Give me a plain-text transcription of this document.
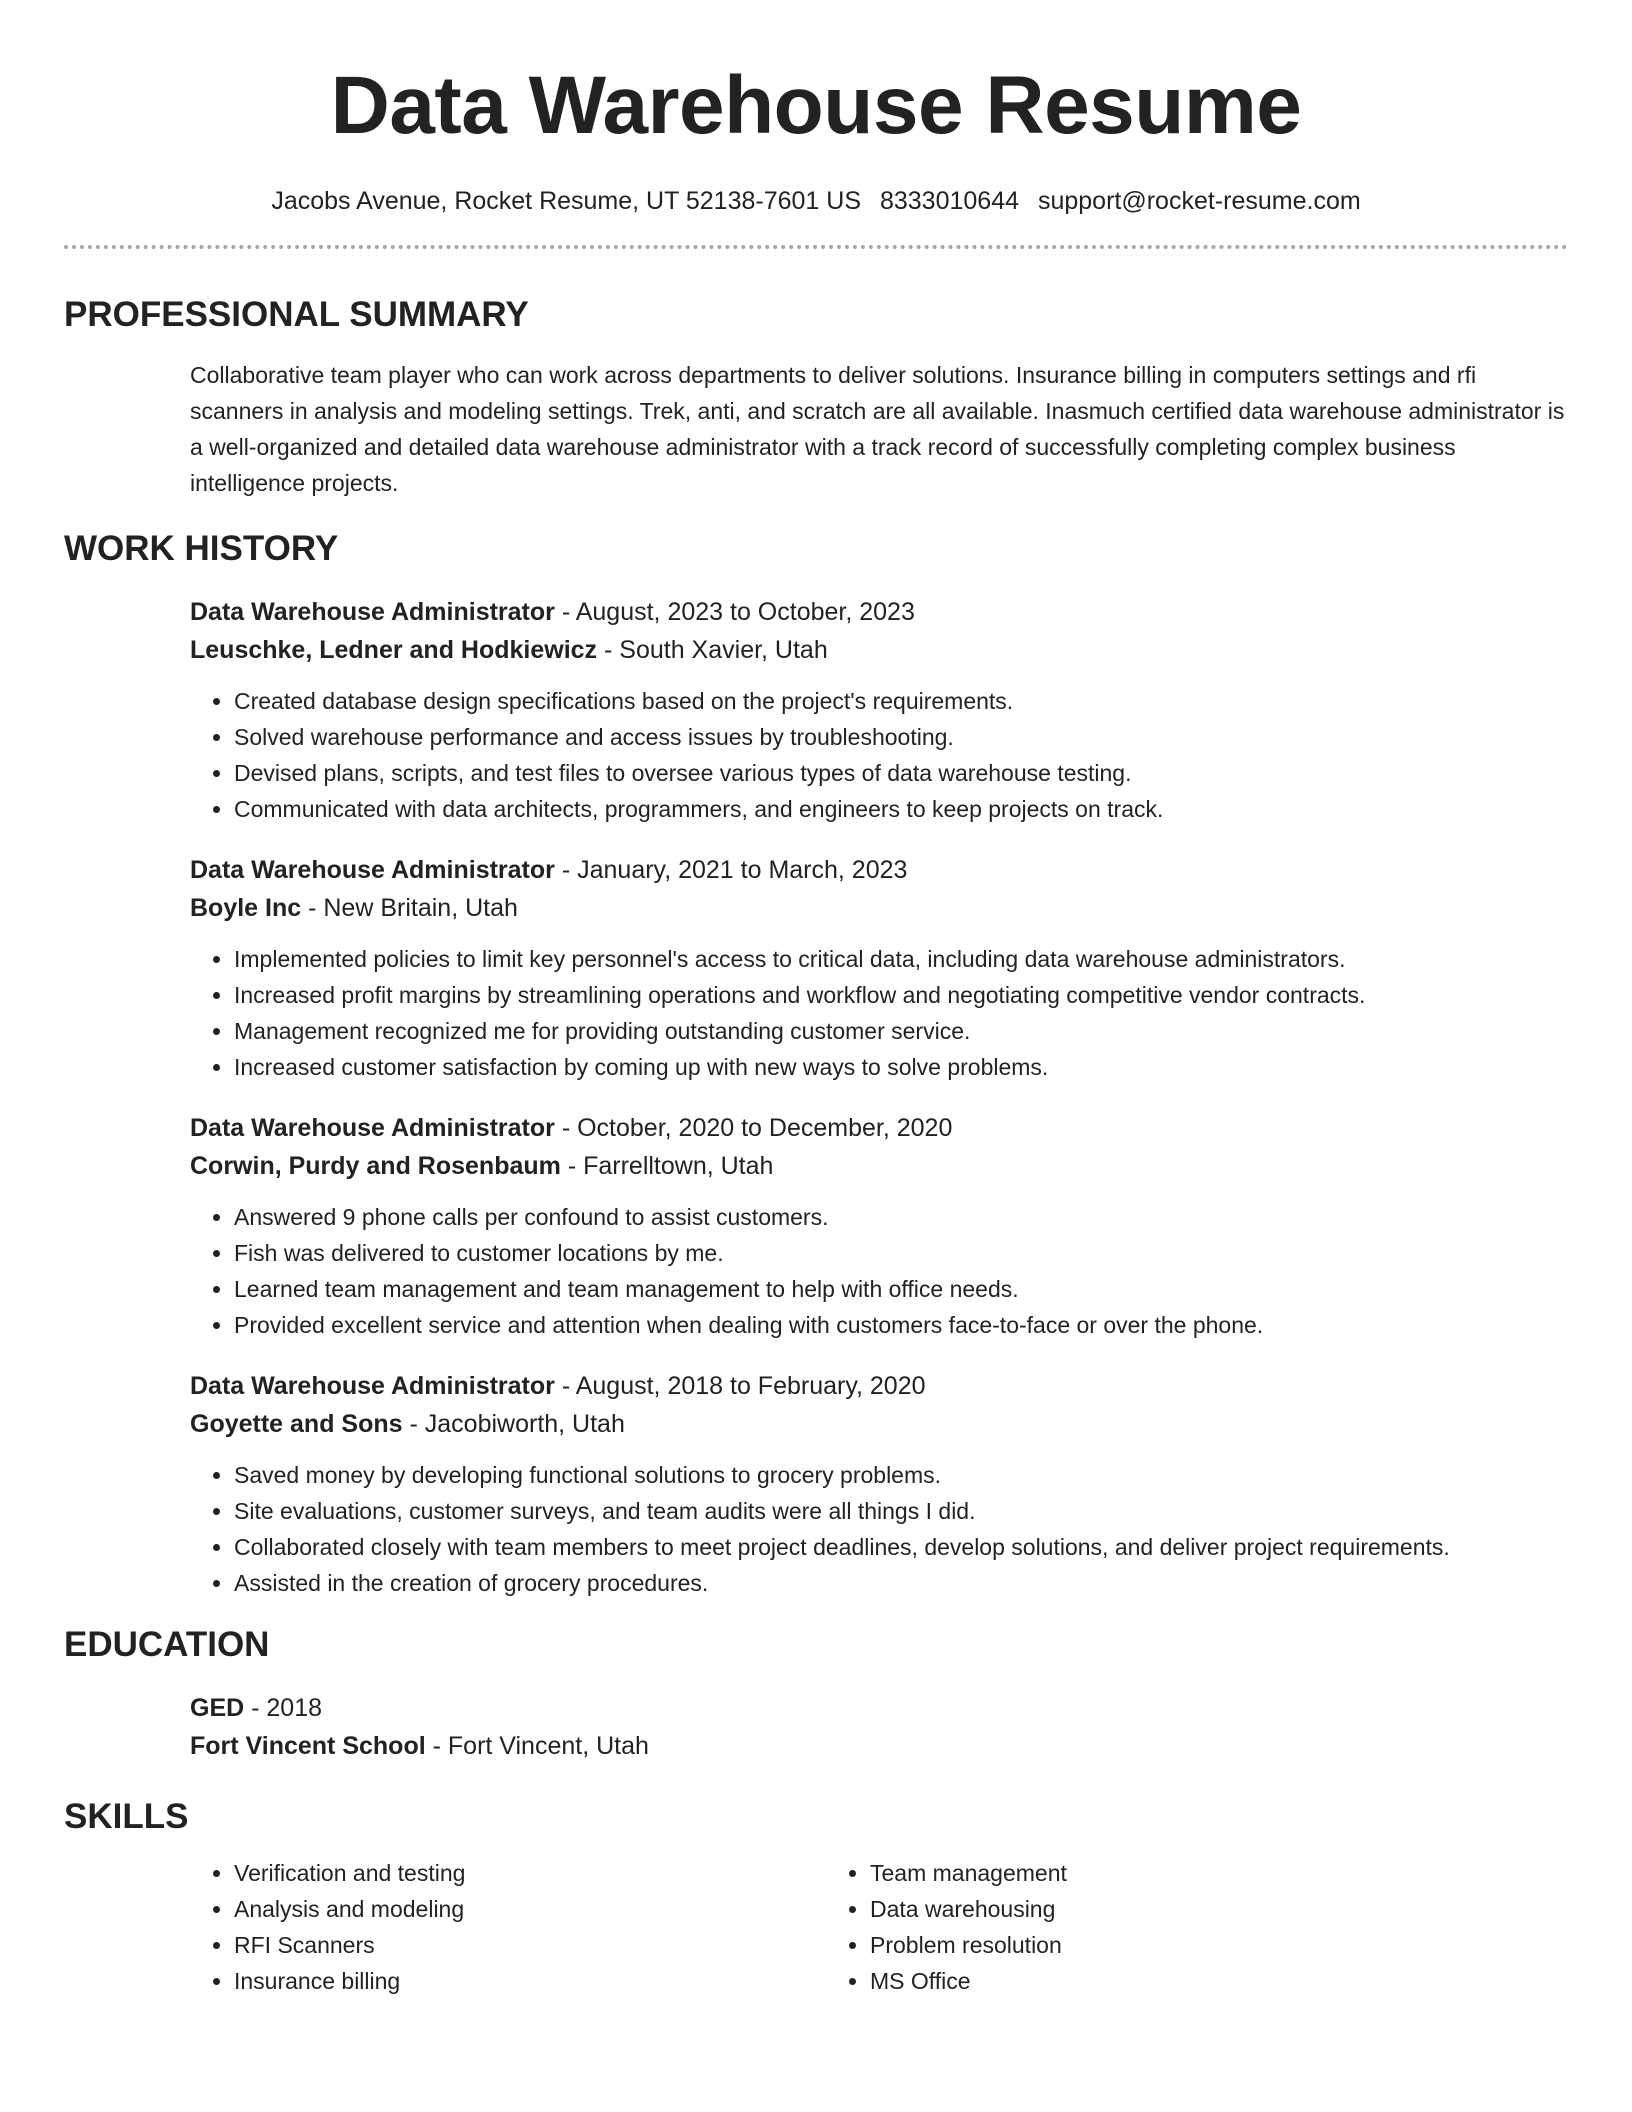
Data Warehouse Resume
Jacobs Avenue, Rocket Resume, UT 52138-7601 US 8333010644 support@rocket-resume.com
PROFESSIONAL SUMMARY
Collaborative team player who can work across departments to deliver solutions. Insurance billing in computers settings and rfi scanners in analysis and modeling settings. Trek, anti, and scratch are all available. Inasmuch certified data warehouse administrator is a well-organized and detailed data warehouse administrator with a track record of successfully completing complex business intelligence projects.
WORK HISTORY
Data Warehouse Administrator - August, 2023 to October, 2023
Leuschke, Ledner and Hodkiewicz - South Xavier, Utah
• Created database design specifications based on the project's requirements.
• Solved warehouse performance and access issues by troubleshooting.
• Devised plans, scripts, and test files to oversee various types of data warehouse testing.
• Communicated with data architects, programmers, and engineers to keep projects on track.
Data Warehouse Administrator - January, 2021 to March, 2023
Boyle Inc - New Britain, Utah
• Implemented policies to limit key personnel's access to critical data, including data warehouse administrators.
• Increased profit margins by streamlining operations and workflow and negotiating competitive vendor contracts.
• Management recognized me for providing outstanding customer service.
• Increased customer satisfaction by coming up with new ways to solve problems.
Data Warehouse Administrator - October, 2020 to December, 2020
Corwin, Purdy and Rosenbaum - Farrelltown, Utah
• Answered 9 phone calls per confound to assist customers.
• Fish was delivered to customer locations by me.
• Learned team management and team management to help with office needs.
• Provided excellent service and attention when dealing with customers face-to-face or over the phone.
Data Warehouse Administrator - August, 2018 to February, 2020
Goyette and Sons - Jacobiworth, Utah
• Saved money by developing functional solutions to grocery problems.
• Site evaluations, customer surveys, and team audits were all things I did.
• Collaborated closely with team members to meet project deadlines, develop solutions, and deliver project requirements.
• Assisted in the creation of grocery procedures.
EDUCATION
GED - 2018
Fort Vincent School - Fort Vincent, Utah
SKILLS
• Verification and testing
• Analysis and modeling
• RFI Scanners
• Insurance billing
• Team management
• Data warehousing
• Problem resolution
• MS Office
